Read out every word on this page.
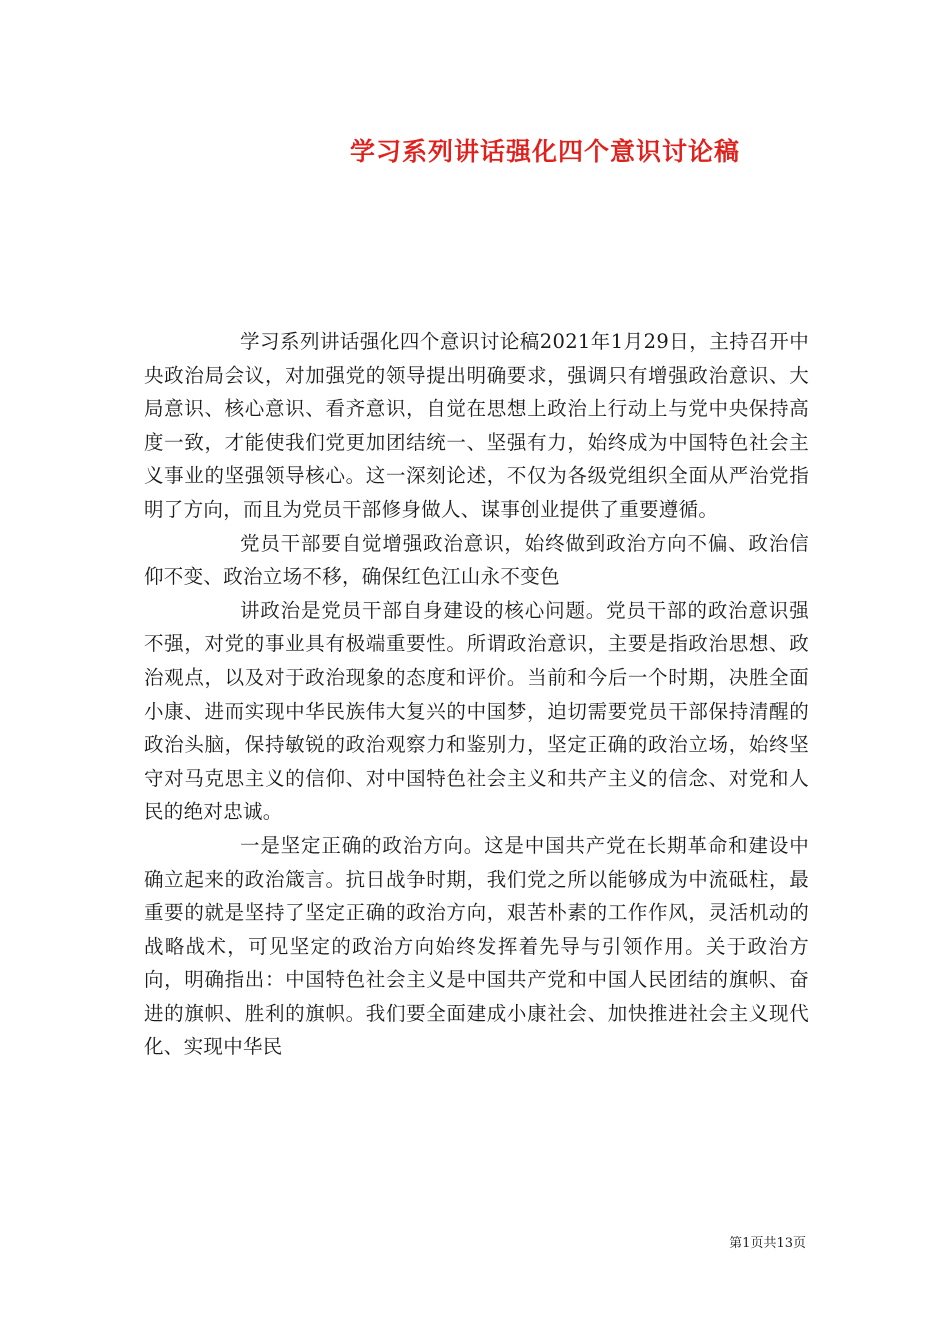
学习系列讲话强化四个意识讨论稿

学习系列讲话强化四个意识讨论稿2021年1月29日，主持召开中央政治局会议，对加强党的领导提出明确要求，强调只有增强政治意识、大局意识、核心意识、看齐意识，自觉在思想上政治上行动上与党中央保持高度一致，才能使我们党更加团结统一、坚强有力，始终成为中国特色社会主义事业的坚强领导核心。这一深刻论述，不仅为各级党组织全面从严治党指明了方向，而且为党员干部修身做人、谋事创业提供了重要遵循。

党员干部要自觉增强政治意识，始终做到政治方向不偏、政治信仰不变、政治立场不移，确保红色江山永不变色

讲政治是党员干部自身建设的核心问题。党员干部的政治意识强不强，对党的事业具有极端重要性。所谓政治意识，主要是指政治思想、政治观点，以及对于政治现象的态度和评价。当前和今后一个时期，决胜全面小康、进而实现中华民族伟大复兴的中国梦，迫切需要党员干部保持清醒的政治头脑，保持敏锐的政治观察力和鉴别力，坚定正确的政治立场，始终坚守对马克思主义的信仰、对中国特色社会主义和共产主义的信念、对党和人民的绝对忠诚。

一是坚定正确的政治方向。这是中国共产党在长期革命和建设中确立起来的政治箴言。抗日战争时期，我们党之所以能够成为中流砥柱，最重要的就是坚持了坚定正确的政治方向，艰苦朴素的工作作风，灵活机动的战略战术，可见坚定的政治方向始终发挥着先导与引领作用。关于政治方向，明确指出：中国特色社会主义是中国共产党和中国人民团结的旗帜、奋进的旗帜、胜利的旗帜。我们要全面建成小康社会、加快推进社会主义现代化、实现中华民

第1页共13页
